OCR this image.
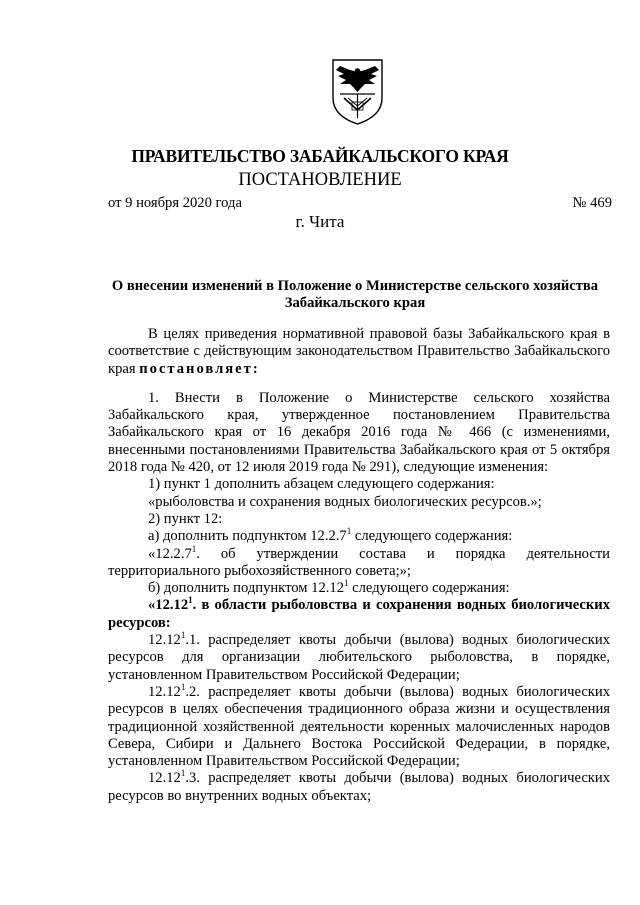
ПРАВИТЕЛЬСТВО ЗАБАЙКАЛЬСКОГО КРАЯ
ПОСТАНОВЛЕНИЕ
от 9 ноября 2020 года	№ 469
г. Чита
О внесении изменений в Положение о Министерстве сельского хозяйства Забайкальского края

В целях приведения нормативной правовой базы Забайкальского края в соответствие с действующим законодательством Правительство Забайкальского края постановляет:

1. Внести в Положение о Министерстве сельского хозяйства Забайкальского края, утвержденное постановлением Правительства Забайкальского края от 16 декабря 2016 года № 466 (с изменениями, внесенными постановлениями Правительства Забайкальского края от 5 октября 2018 года № 420, от 12 июля 2019 года № 291), следующие изменения:

1) пункт 1 дополнить абзацем следующего содержания:

«рыболовства и сохранения водных биологических ресурсов.»;

2) пункт 12:

а) дополнить подпунктом 12.2.7$^1$ следующего содержания:

«12.2.7$^1$. об утверждении состава и порядка деятельности территориального рыбохозяйственного совета;»;

б) дополнить подпунктом 12.12$^1$ следующего содержания:

«12.12$^1$. в области рыболовства и сохранения водных биологических ресурсов:

12.12$^1$.1. распределяет квоты добычи (вылова) водных биологических ресурсов для организации любительского рыболовства, в порядке, установленном Правительством Российской Федерации;

12.12$^1$.2. распределяет квоты добычи (вылова) водных биологических ресурсов в целях обеспечения традиционного образа жизни и осуществления традиционной хозяйственной деятельности коренных малочисленных народов Севера, Сибири и Дальнего Востока Российской Федерации, в порядке, установленном Правительством Российской Федерации;

12.12$^1$.3. распределяет квоты добычи (вылова) водных биологических ресурсов во внутренних водных объектах;
